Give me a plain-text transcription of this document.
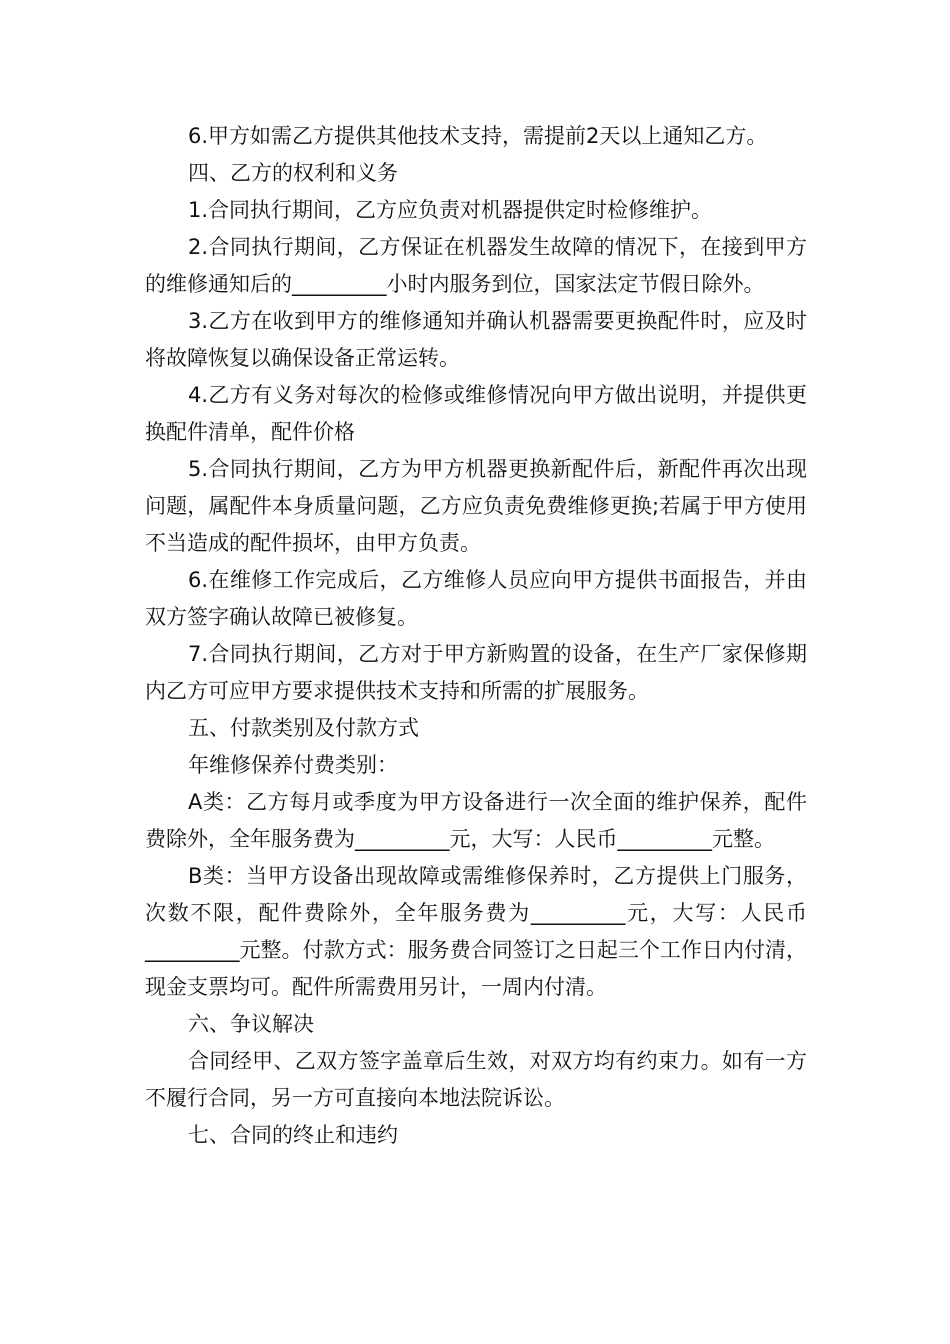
6.甲方如需乙方提供其他技术支持，需提前2天以上通知乙方。

四、乙方的权利和义务

1.合同执行期间，乙方应负责对机器提供定时检修维护。

2.合同执行期间，乙方保证在机器发生故障的情况下，在接到甲方的维修通知后的_________小时内服务到位，国家法定节假日除外。

3.乙方在收到甲方的维修通知并确认机器需要更换配件时，应及时将故障恢复以确保设备正常运转。

4.乙方有义务对每次的检修或维修情况向甲方做出说明，并提供更换配件清单，配件价格

5.合同执行期间，乙方为甲方机器更换新配件后，新配件再次出现问题，属配件本身质量问题，乙方应负责免费维修更换;若属于甲方使用不当造成的配件损坏，由甲方负责。

6.在维修工作完成后，乙方维修人员应向甲方提供书面报告，并由双方签字确认故障已被修复。

7.合同执行期间，乙方对于甲方新购置的设备，在生产厂家保修期内乙方可应甲方要求提供技术支持和所需的扩展服务。

五、付款类别及付款方式

年维修保养付费类别：

A类：乙方每月或季度为甲方设备进行一次全面的维护保养，配件费除外，全年服务费为_________元，大写：人民币_________元整。

B类：当甲方设备出现故障或需维修保养时，乙方提供上门服务，次数不限，配件费除外，全年服务费为_________元，大写：人民币_________元整。付款方式：服务费合同签订之日起三个工作日内付清，现金支票均可。配件所需费用另计，一周内付清。

六、争议解决

合同经甲、乙双方签字盖章后生效，对双方均有约束力。如有一方不履行合同，另一方可直接向本地法院诉讼。

七、合同的终止和违约
